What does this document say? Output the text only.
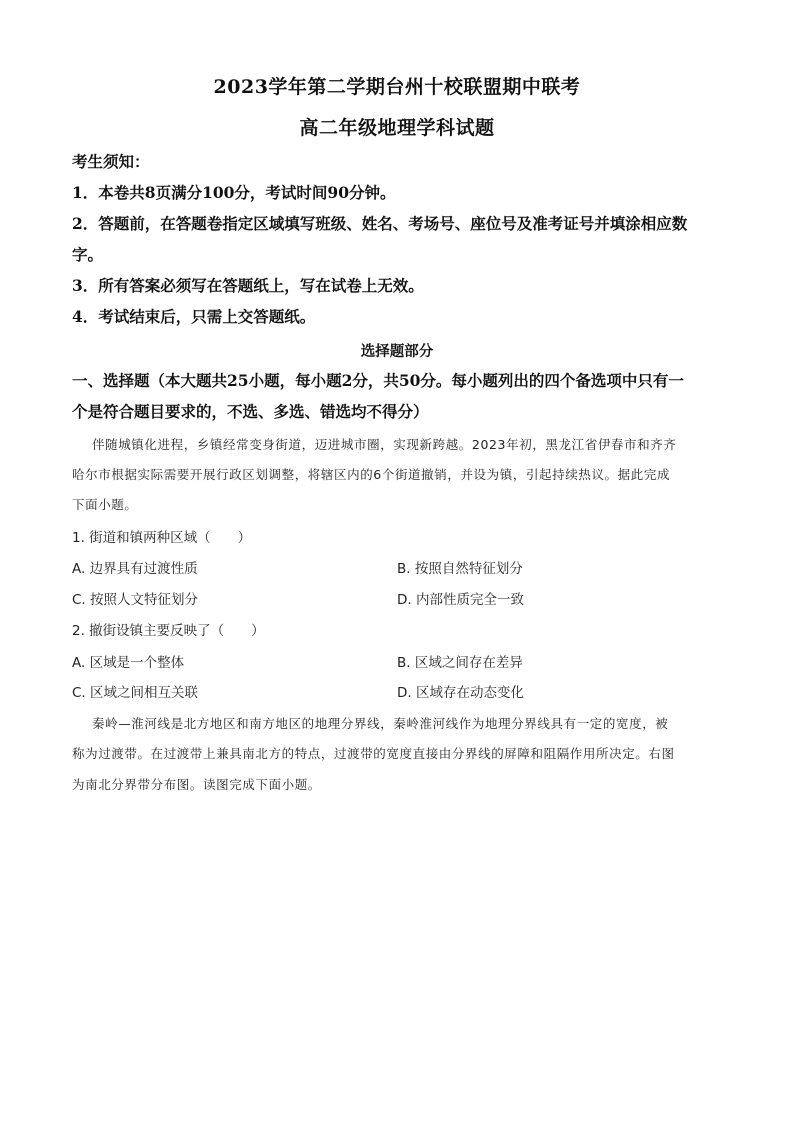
2023学年第二学期台州十校联盟期中联考
高二年级地理学科试题
考生须知：
1．本卷共8页满分100分，考试时间90分钟。
2．答题前，在答题卷指定区域填写班级、姓名、考场号、座位号及准考证号并填涂相应数
字。
3．所有答案必须写在答题纸上，写在试卷上无效。
4．考试结束后，只需上交答题纸。
选择题部分
一、选择题（本大题共25小题，每小题2分，共50分。每小题列出的四个备选项中只有一
个是符合题目要求的，不选、多选、错选均不得分）
伴随城镇化进程，乡镇经常变身街道，迈进城市圈，实现新跨越。2023年初，黑龙江省伊春市和齐齐
哈尔市根据实际需要开展行政区划调整，将辖区内的6个街道撤销，并设为镇，引起持续热议。据此完成
下面小题。
1. 街道和镇两种区域（　　）
A. 边界具有过渡性质	B. 按照自然特征划分
C. 按照人文特征划分	D. 内部性质完全一致
2. 撤街设镇主要反映了（　　）
A. 区域是一个整体	B. 区域之间存在差异
C. 区域之间相互关联	D. 区域存在动态变化
秦岭—淮河线是北方地区和南方地区的地理分界线，秦岭淮河线作为地理分界线具有一定的宽度，被
称为过渡带。在过渡带上兼具南北方的特点，过渡带的宽度直接由分界线的屏障和阻隔作用所决定。右图
为南北分界带分布图。读图完成下面小题。
